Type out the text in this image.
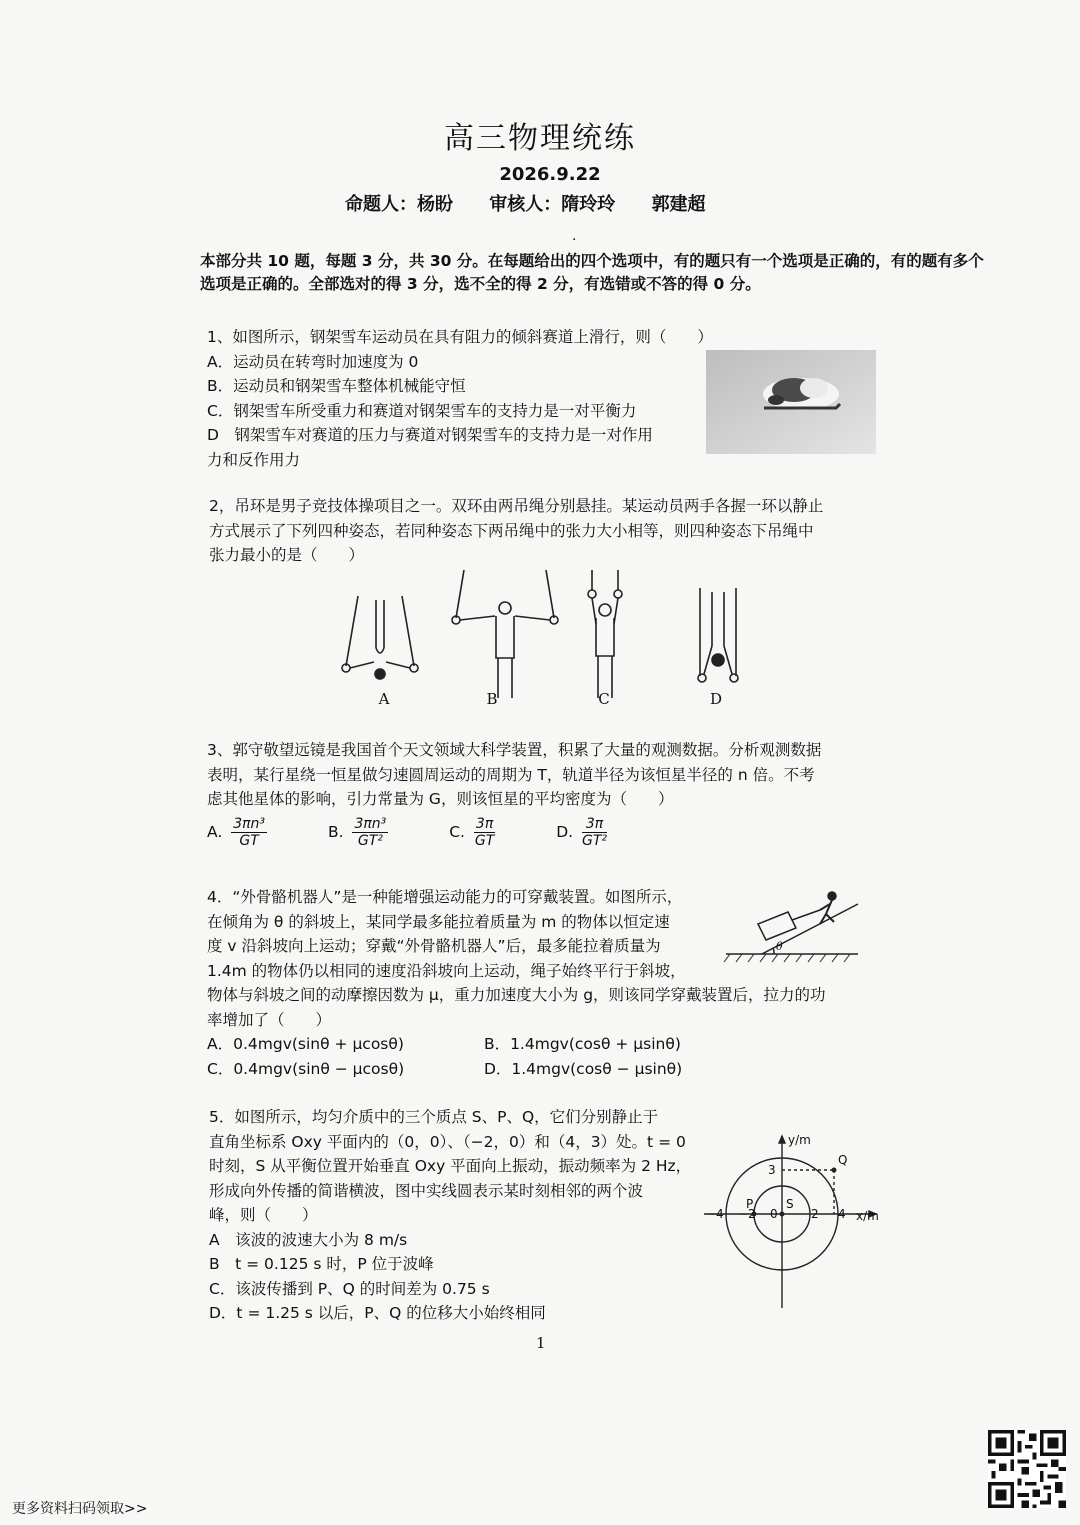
高三物理统练
2026.9.22
命题人：杨盼 审核人：隋玲玲 郭建超
·
本部分共 10 题，每题 3 分，共 30 分。在每题给出的四个选项中，有的题只有一个选项是正确的，有的题有多个选项是正确的。全部选对的得 3 分，选不全的得 2 分，有选错或不答的得 0 分。
1、如图所示，钢架雪车运动员在具有阻力的倾斜赛道上滑行，则（　　）
A．运动员在转弯时加速度为 0
B．运动员和钢架雪车整体机械能守恒
C．钢架雪车所受重力和赛道对钢架雪车的支持力是一对平衡力
D　钢架雪车对赛道的压力与赛道对钢架雪车的支持力是一对作用
力和反作用力
2，吊环是男子竞技体操项目之一。双环由两吊绳分别悬挂。某运动员两手各握一环以静止
方式展示了下列四种姿态，若同种姿态下两吊绳中的张力大小相等，则四种姿态下吊绳中
张力最小的是（　　）
A	B	C	D
3、郭守敬望远镜是我国首个天文领域大科学装置，积累了大量的观测数据。分析观测数据
表明，某行星绕一恒星做匀速圆周运动的周期为 T，轨道半径为该恒星半径的 n 倍。不考
虑其他星体的影响，引力常量为 G，则该恒星的平均密度为（　　）
A. $\frac{\text{3πn³}}{GT}$	B. $\frac{\text{3πn³}}{\text{GT²}}$	C. $\frac{3\pi}{GT}$	D. $\frac{3\pi}{\text{GT²}}$
4．“外骨骼机器人”是一种能增强运动能力的可穿戴装置。如图所示，
在倾角为 θ 的斜坡上，某同学最多能拉着质量为 m 的物体以恒定速
度 v 沿斜坡向上运动；穿戴“外骨骼机器人”后，最多能拉着质量为
1.4m 的物体仍以相同的速度沿斜坡向上运动，绳子始终平行于斜坡，
物体与斜坡之间的动摩擦因数为 μ，重力加速度大小为 g，则该同学穿戴装置后，拉力的功
率增加了（　　）
A．0.4mgv(sinθ + μcosθ)	B．1.4mgv(cosθ + μsinθ)
C．0.4mgv(sinθ − μcosθ)	D．1.4mgv(cosθ − μsinθ)
θ
5．如图所示，均匀介质中的三个质点 S、P、Q，它们分别静止于
直角坐标系 Oxy 平面内的（0，0）、（−2，0）和（4，3）处。t = 0
时刻，S 从平衡位置开始垂直 Oxy 平面向上振动，振动频率为 2 Hz，
形成向外传播的简谐横波，图中实线圆表示某时刻相邻的两个波
峰，则（　　）
A　该波的波速大小为 8 m/s
B　t = 0.125 s 时，P 位于波峰
C．该波传播到 P、Q 的时间差为 0.75 s
D．t = 1.25 s 以后，P、Q 的位移大小始终相同
y/m
x/m
3
−4 −2 0	2 4
P	S
Q
1
更多资料扫码领取>>
